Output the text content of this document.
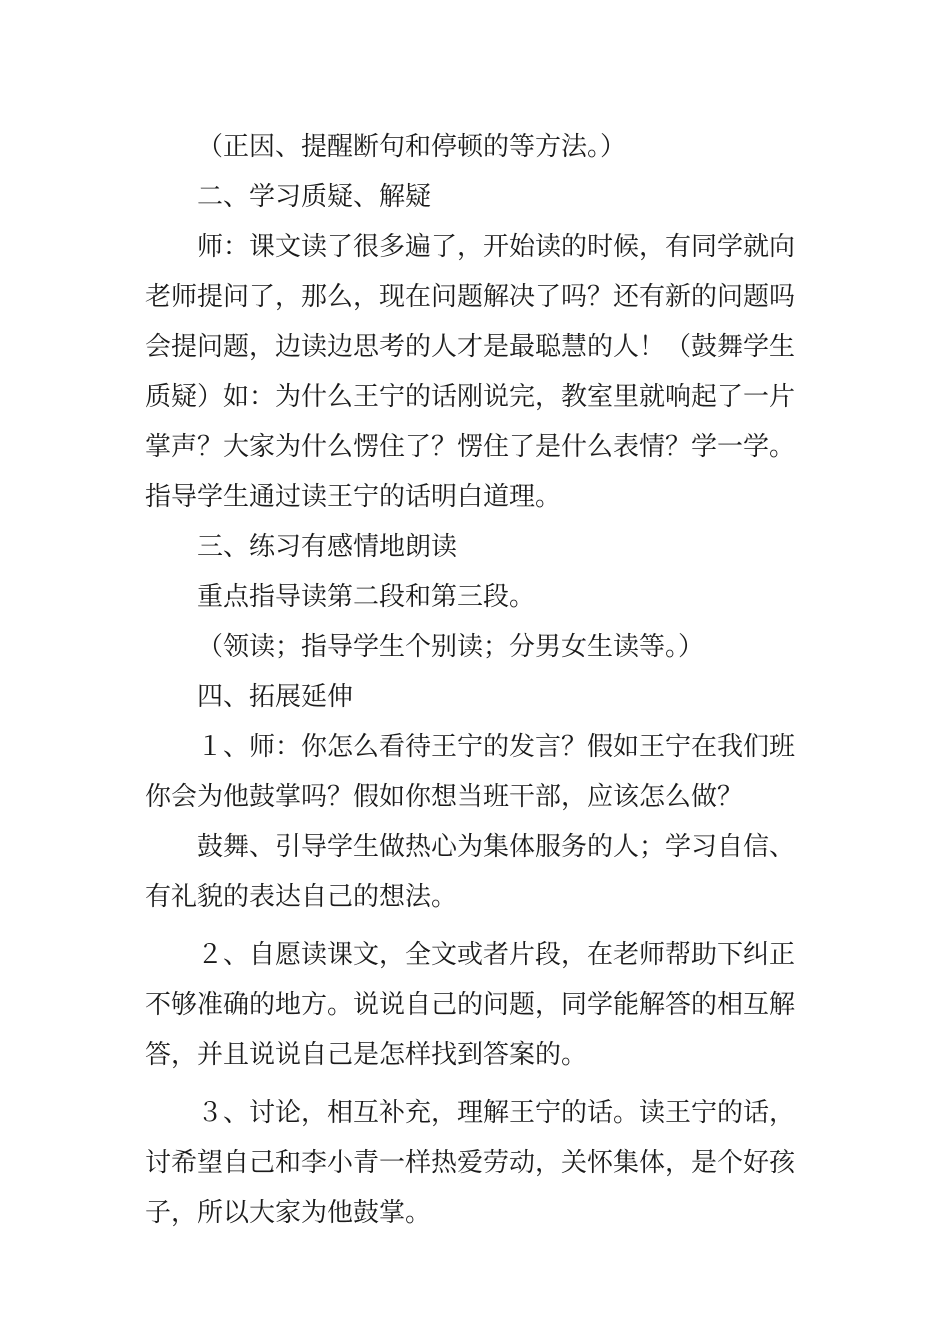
（正因、提醒断句和停顿的等方法。）
二、学习质疑、解疑
师：课文读了很多遍了，开始读的时候，有同学就向
老师提问了，那么，现在问题解决了吗？还有新的问题吗
会提问题，边读边思考的人才是最聪慧的人！（鼓舞学生
质疑）如：为什么王宁的话刚说完，教室里就响起了一片
掌声？大家为什么愣住了？愣住了是什么表情？学一学。
指导学生通过读王宁的话明白道理。
三、练习有感情地朗读
重点指导读第二段和第三段。
（领读；指导学生个别读；分男女生读等。）
四、拓展延伸
１、师：你怎么看待王宁的发言？假如王宁在我们班
你会为他鼓掌吗？假如你想当班干部，应该怎么做？
鼓舞、引导学生做热心为集体服务的人；学习自信、
有礼貌的表达自己的想法。
２、自愿读课文，全文或者片段，在老师帮助下纠正
不够准确的地方。说说自己的问题，同学能解答的相互解
答，并且说说自己是怎样找到答案的。
３、讨论，相互补充，理解王宁的话。读王宁的话，
讨希望自己和李小青一样热爱劳动，关怀集体，是个好孩
子，所以大家为他鼓掌。
